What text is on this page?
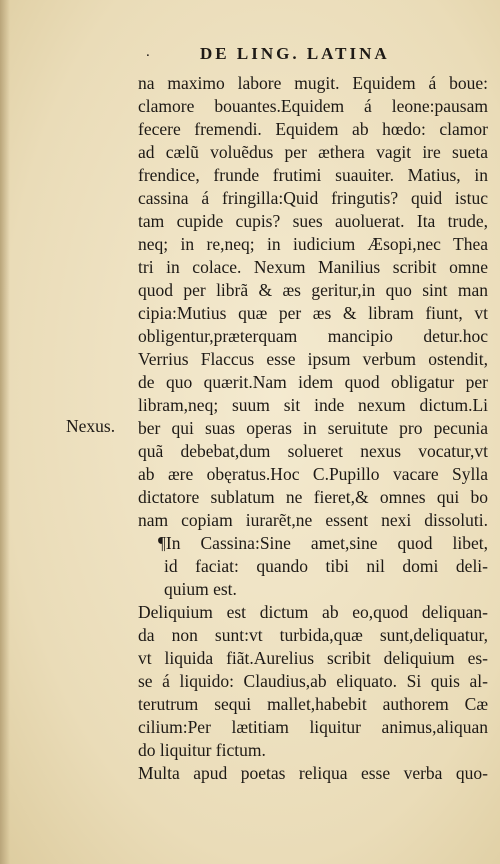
.	DE LING. LATINA
Nexus.
na maximo labore mugit. Equidem á boue:
clamore bouantes.Equidem á leone:pausam
fecere fremendi. Equidem ab hœdo: clamor
ad cælũ voluẽdus per æthera vagit ire sueta
frendice, frunde frutimi suauiter. Matius, in
cassina á fringilla:Quid fringutis? quid istuc
tam cupide cupis? sues auoluerat. Ita trude,
neq; in re,neq; in iudicium Æsopi,nec Thea
tri in colace. Nexum Manilius scribit omne
quod per librã & æs geritur,in quo sint man
cipia:Mutius quæ per æs & libram fiunt, vt
obligentur,præterquam mancipio detur.hoc
Verrius Flaccus esse ipsum verbum ostendit,
de quo quærit.Nam idem quod obligatur per
libram,neq; suum sit inde nexum dictum.Li
ber qui suas operas in seruitute pro pecunia
quã debebat,dum solueret nexus vocatur,vt
ab ære obęratus.Hoc C.Pupillo vacare Sylla
dictatore sublatum ne fieret,& omnes qui bo
nam copiam iurarẽt,ne essent nexi dissoluti.
¶In Cassina:Sine amet,sine quod libet,
id faciat: quando tibi nil domi deli-
quium est.
Deliquium est dictum ab eo,quod deliquan-
da non sunt:vt turbida,quæ sunt,deliquatur,
vt liquida fiãt.Aurelius scribit deliquium es-
se á liquido: Claudius,ab eliquato. Si quis al-
terutrum sequi mallet,habebit authorem Cæ
cilium:Per lætitiam liquitur animus,aliquan
do liquitur fictum.
Multa apud poetas reliqua esse verba quo-
